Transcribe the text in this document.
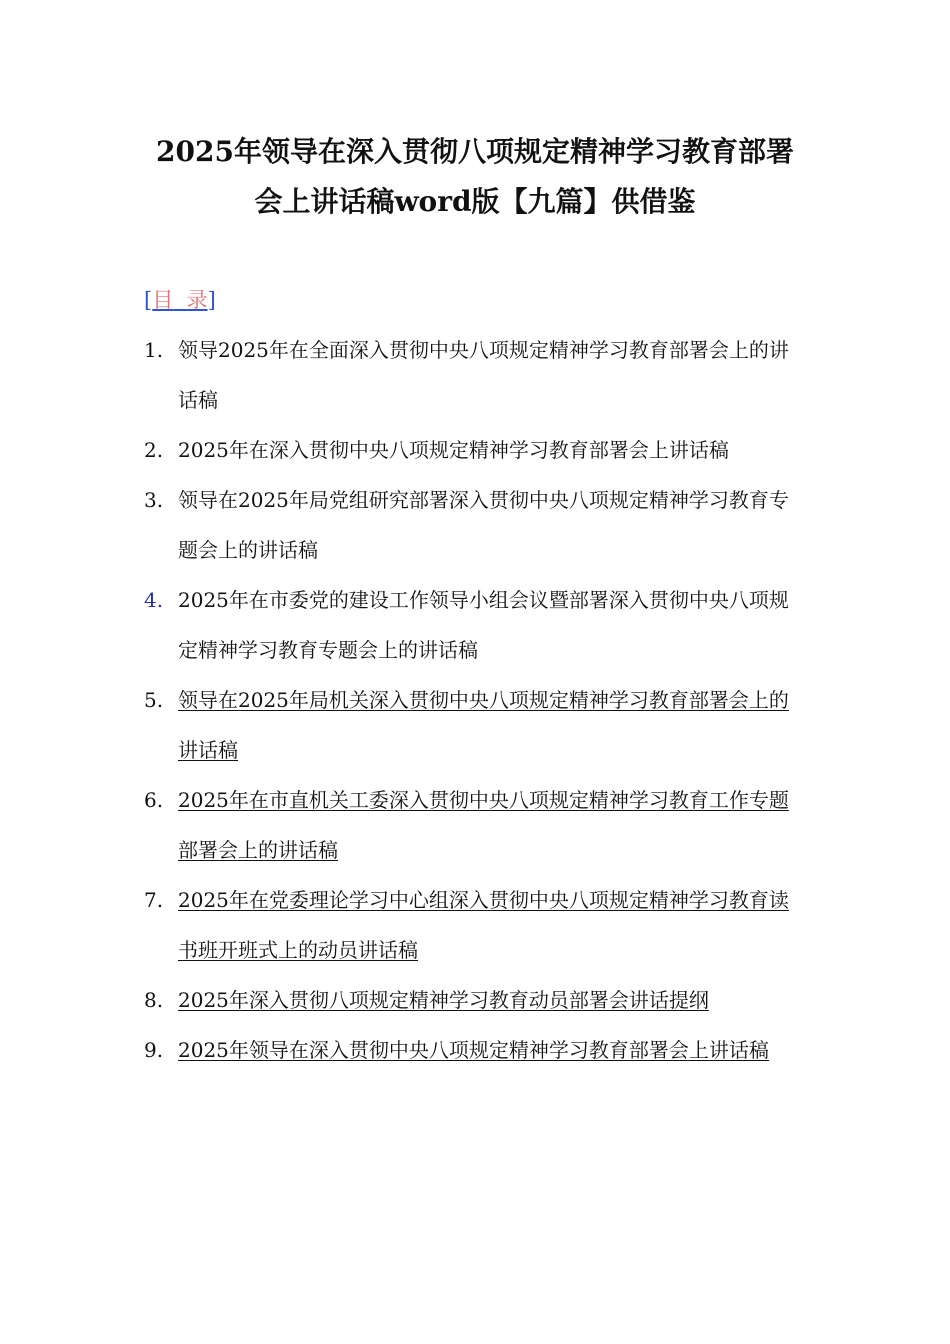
2025年领导在深入贯彻八项规定精神学习教育部署
会上讲话稿word版【九篇】供借鉴
[目 录]
1. 领导2025年在全面深入贯彻中央八项规定精神学习教育部署会上的讲话稿
2. 2025年在深入贯彻中央八项规定精神学习教育部署会上讲话稿
3. 领导在2025年局党组研究部署深入贯彻中央八项规定精神学习教育专题会上的讲话稿
4. 2025年在市委党的建设工作领导小组会议暨部署深入贯彻中央八项规定精神学习教育专题会上的讲话稿
5. 领导在2025年局机关深入贯彻中央八项规定精神学习教育部署会上的讲话稿
6. 2025年在市直机关工委深入贯彻中央八项规定精神学习教育工作专题部署会上的讲话稿
7. 2025年在党委理论学习中心组深入贯彻中央八项规定精神学习教育读书班开班式上的动员讲话稿
8. 2025年深入贯彻八项规定精神学习教育动员部署会讲话提纲
9. 2025年领导在深入贯彻中央八项规定精神学习教育部署会上讲话稿
